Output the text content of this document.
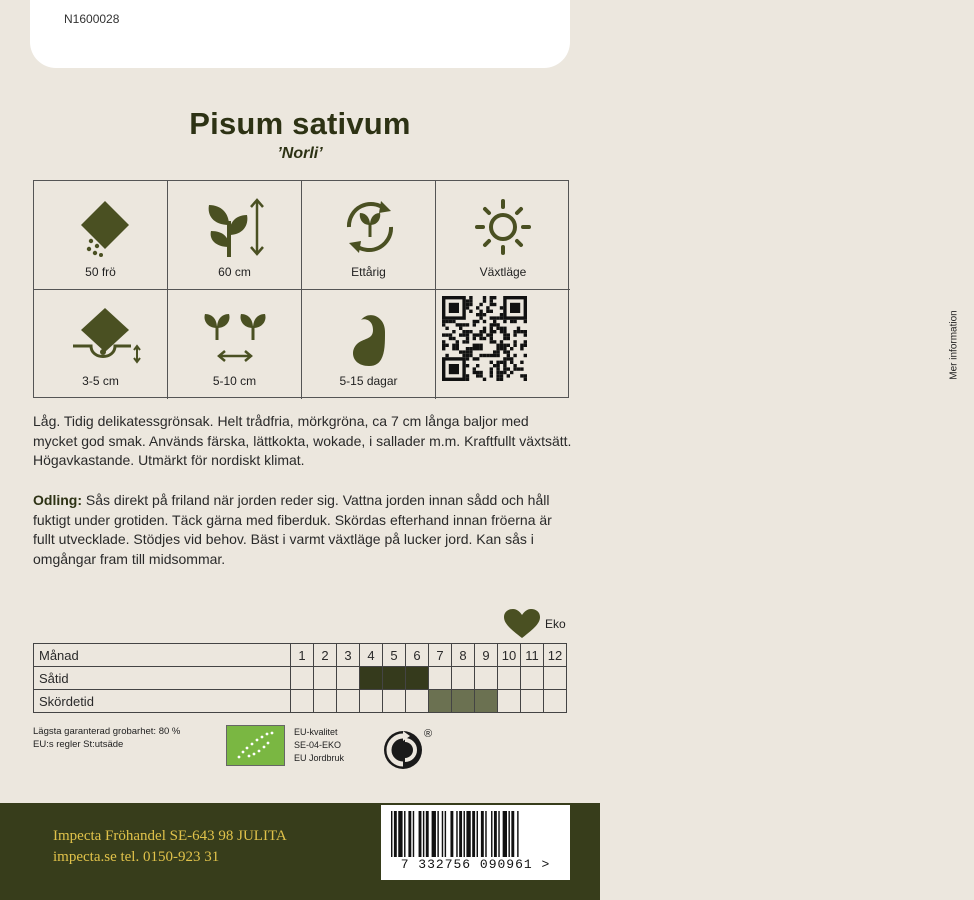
N1600028
Pisum sativum
’Norli’
50 frö	60 cm	Ettårig	Växtläge
3-5 cm	5-10 cm	5-15 dagar
Mer information
Låg. Tidig delikatessgrönsak. Helt trådfria, mörkgröna, ca 7 cm långa baljor med mycket god smak. Används färska, lättkokta, wokade, i sallader m.m. Kraftfullt växtsätt. Högavkastande. Utmärkt för nordiskt klimat.
Odling: Sås direkt på friland när jorden reder sig. Vattna jorden innan sådd och håll fuktigt under grotiden. Täck gärna med fiberduk. Skördas efterhand innan fröerna är fullt utvecklade. Stödjes vid behov. Bäst i varmt växtläge på lucker jord. Kan sås i omgångar fram till midsommar.
Eko
Månad	1	2	3	4	5	6	7	8	9	10	11	12
Såtid												
Skördetid												
Lägsta garanterad grobarhet: 80 %
EU:s regler St:utsäde
EU-kvalitet
SE-04-EKO
EU Jordbruk
®
Impecta Fröhandel SE-643 98 JULITA
impecta.se tel. 0150-923 31	7 332756 090961 >
